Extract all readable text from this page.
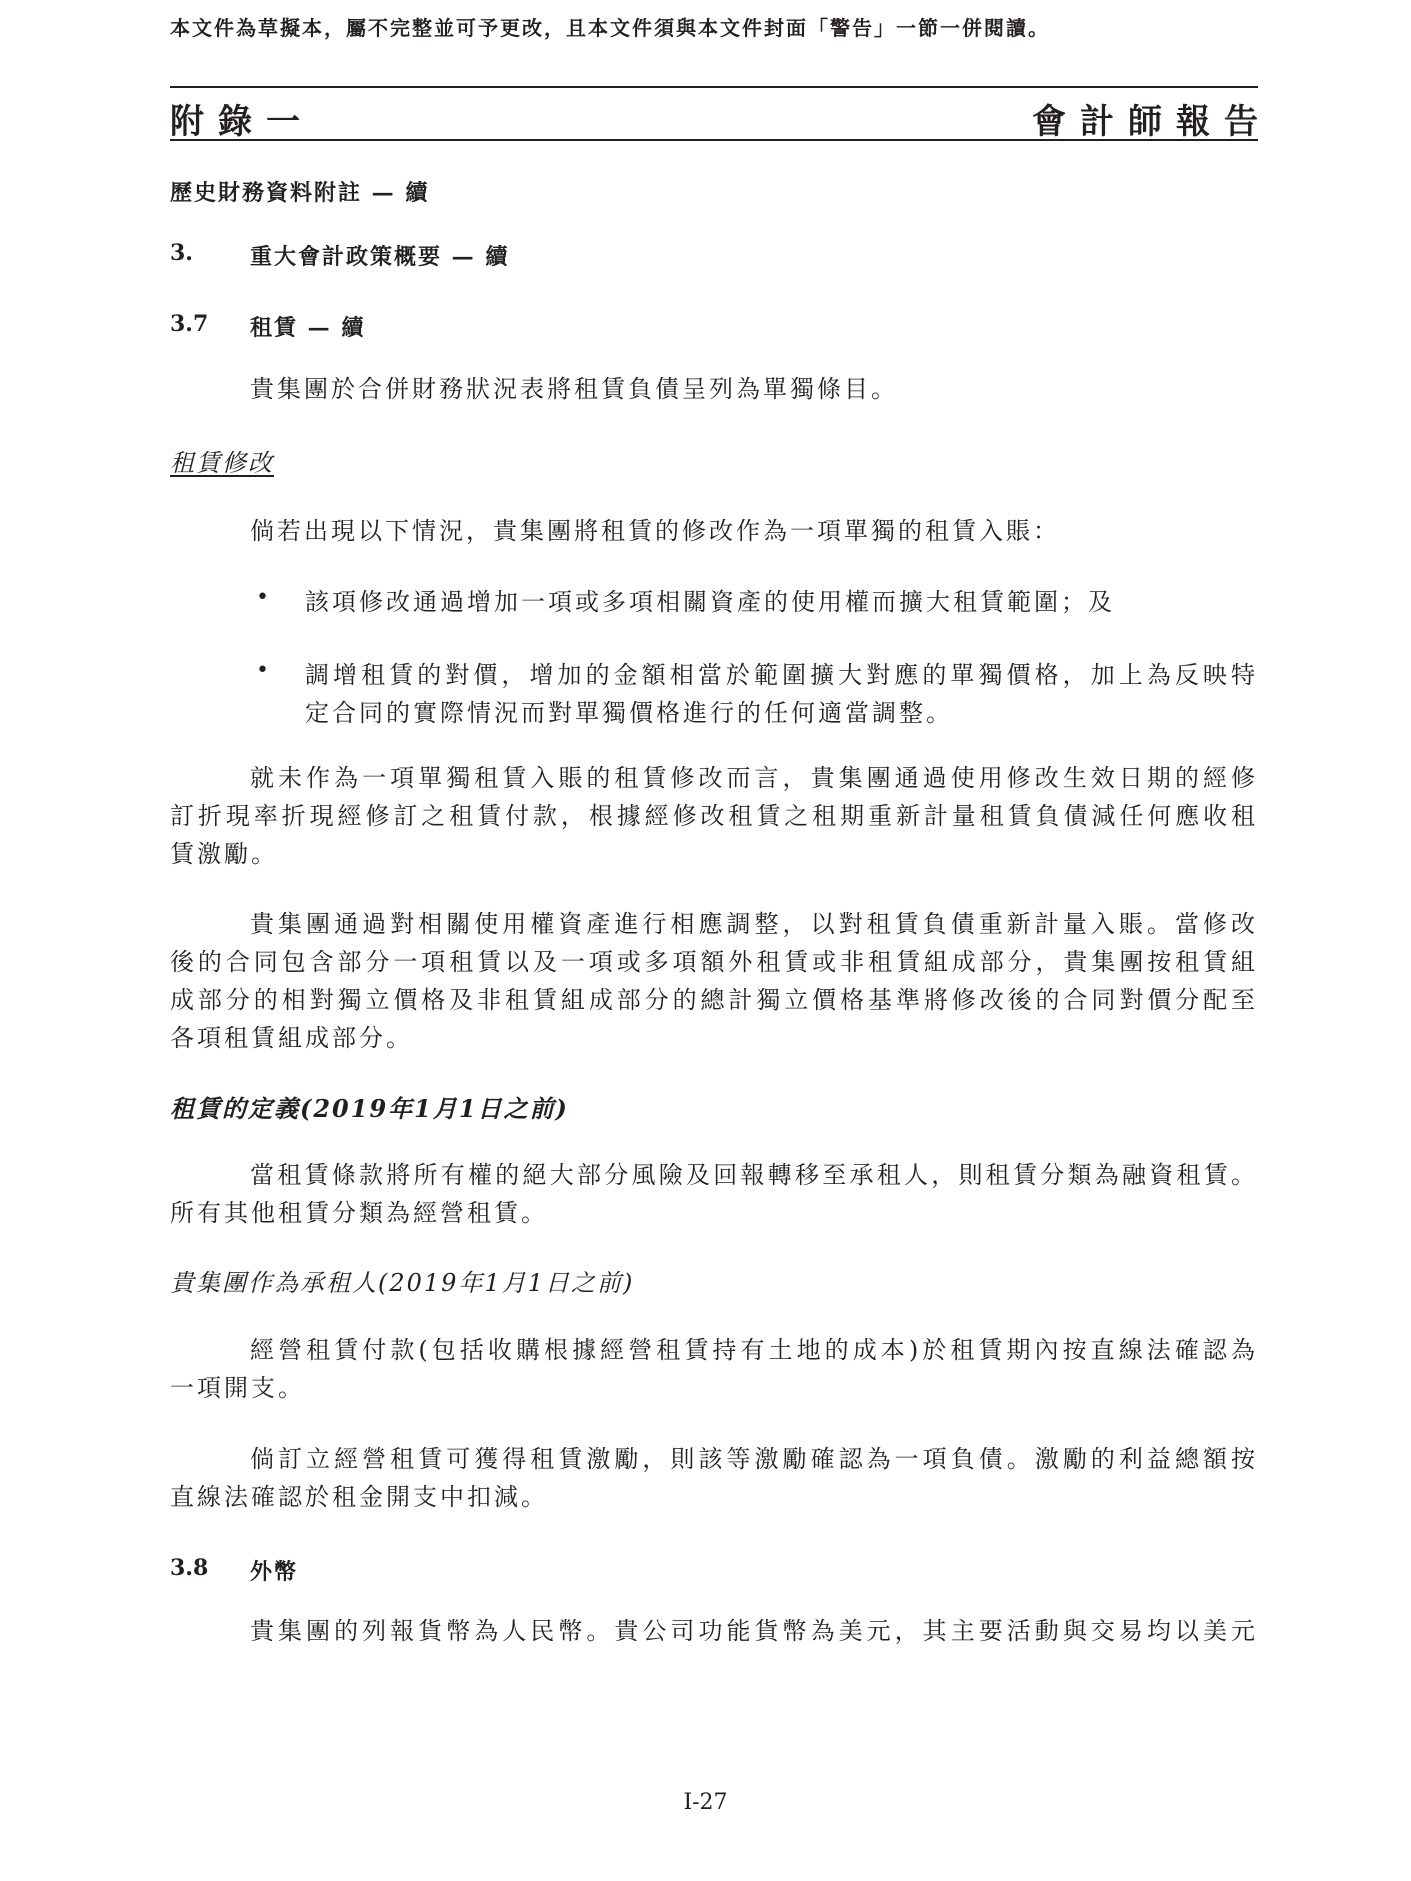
本文件為草擬本，屬不完整並可予更改，且本文件須與本文件封面「警告」一節一併閱讀。
附錄一	會計師報告
歷史財務資料附註 — 續
3.	重大會計政策概要 — 續
3.7 租賃 — 續
貴集團於合併財務狀況表將租賃負債呈列為單獨條目。
租賃修改
倘若出現以下情況，貴集團將租賃的修改作為一項單獨的租賃入賬：
• 該項修改通過增加一項或多項相關資產的使用權而擴大租賃範圍；及
• 調增租賃的對價，增加的金額相當於範圍擴大對應的單獨價格，加上為反映特
定合同的實際情況而對單獨價格進行的任何適當調整。
就未作為一項單獨租賃入賬的租賃修改而言，貴集團通過使用修改生效日期的經修
訂折現率折現經修訂之租賃付款，根據經修改租賃之租期重新計量租賃負債減任何應收租
賃激勵。
貴集團通過對相關使用權資產進行相應調整，以對租賃負債重新計量入賬。當修改
後的合同包含部分一項租賃以及一項或多項額外租賃或非租賃組成部分，貴集團按租賃組
成部分的相對獨立價格及非租賃組成部分的總計獨立價格基準將修改後的合同對價分配至
各項租賃組成部分。
租賃的定義(2019年1月1日之前)
當租賃條款將所有權的絕大部分風險及回報轉移至承租人，則租賃分類為融資租賃。
所有其他租賃分類為經營租賃。
貴集團作為承租人(2019年1月1日之前)
經營租賃付款(包括收購根據經營租賃持有土地的成本)於租賃期內按直線法確認為
一項開支。
倘訂立經營租賃可獲得租賃激勵，則該等激勵確認為一項負債。激勵的利益總額按
直線法確認於租金開支中扣減。
3.8 外幣
貴集團的列報貨幣為人民幣。貴公司功能貨幣為美元，其主要活動與交易均以美元
I-27
